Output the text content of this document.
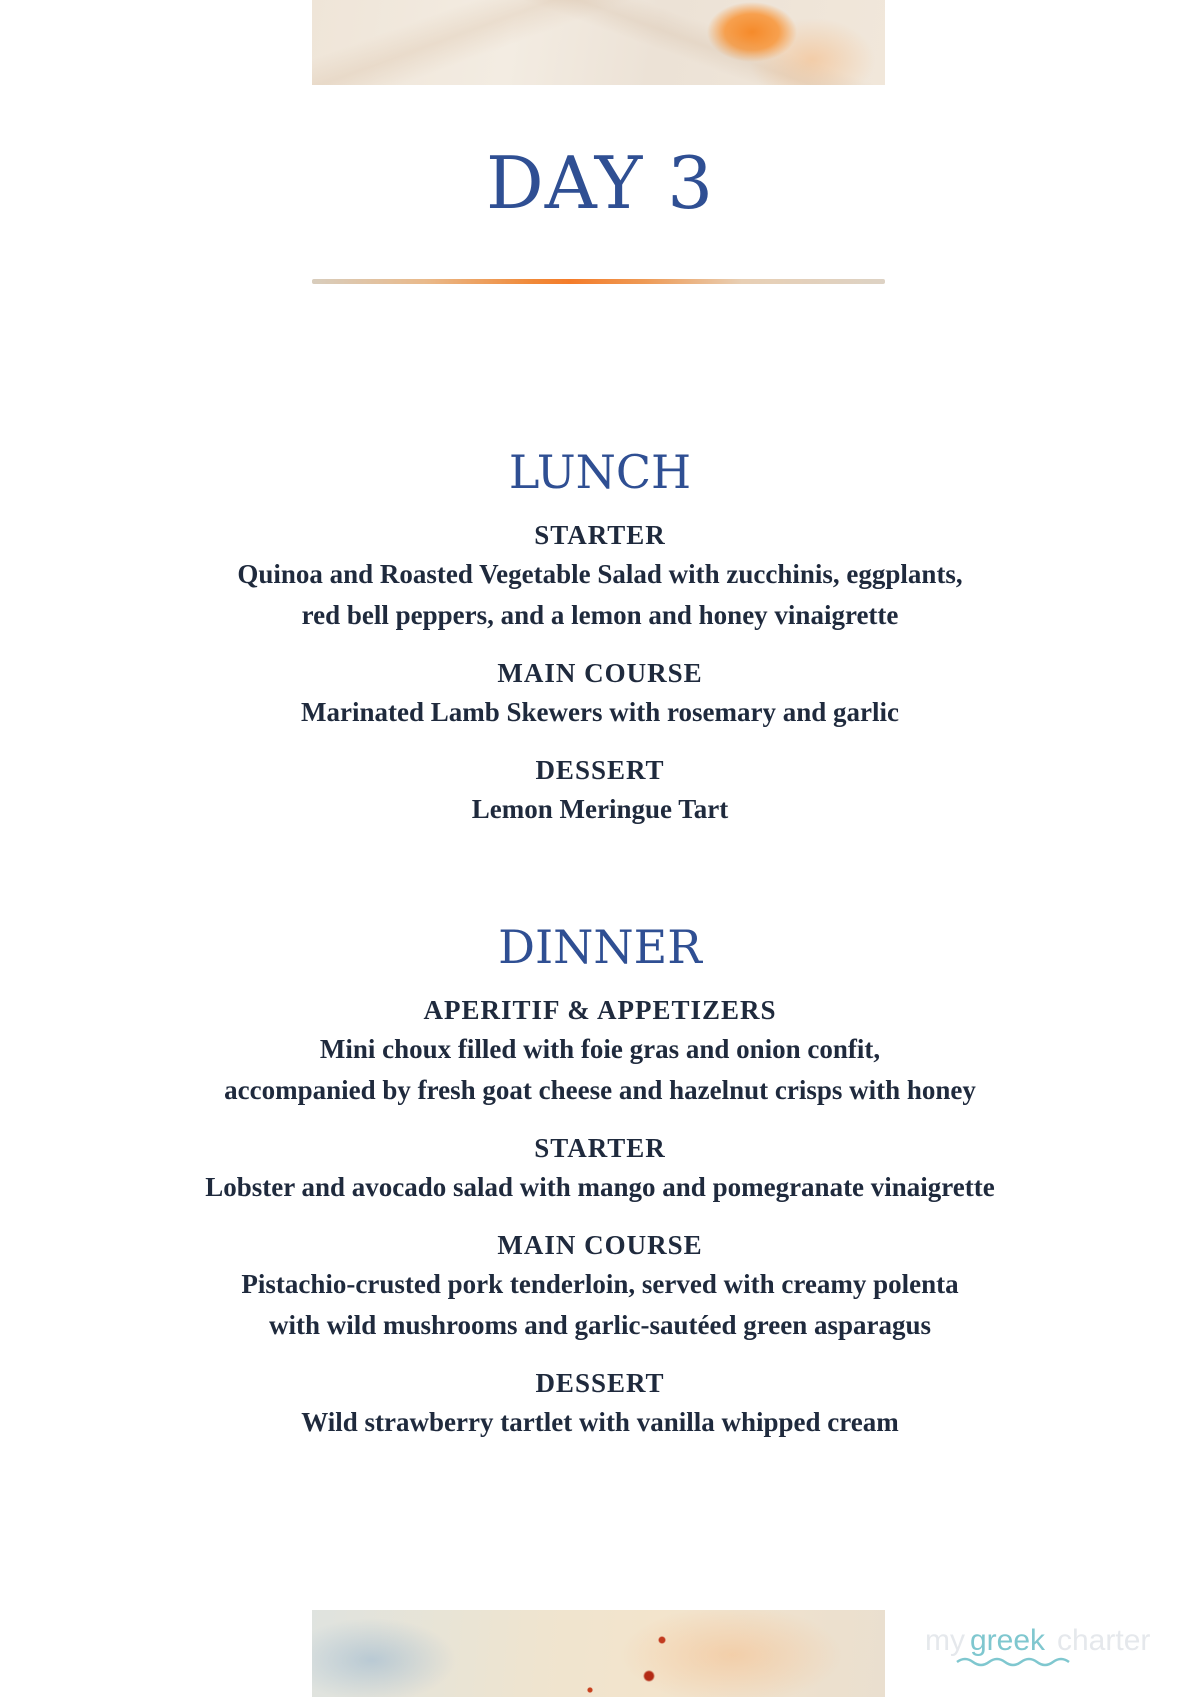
DAY 3
LUNCH
STARTER
Quinoa and Roasted Vegetable Salad with zucchinis, eggplants,
red bell peppers, and a lemon and honey vinaigrette
MAIN COURSE
Marinated Lamb Skewers with rosemary and garlic
DESSERT
Lemon Meringue Tart
DINNER
APERITIF & APPETIZERS
Mini choux filled with foie gras and onion confit,
accompanied by fresh goat cheese and hazelnut crisps with honey
STARTER
Lobster and avocado salad with mango and pomegranate vinaigrette
MAIN COURSE
Pistachio-crusted pork tenderloin, served with creamy polenta
with wild mushrooms and garlic-sautéed green asparagus
DESSERT
Wild strawberry tartlet with vanilla whipped cream
my greek charter
